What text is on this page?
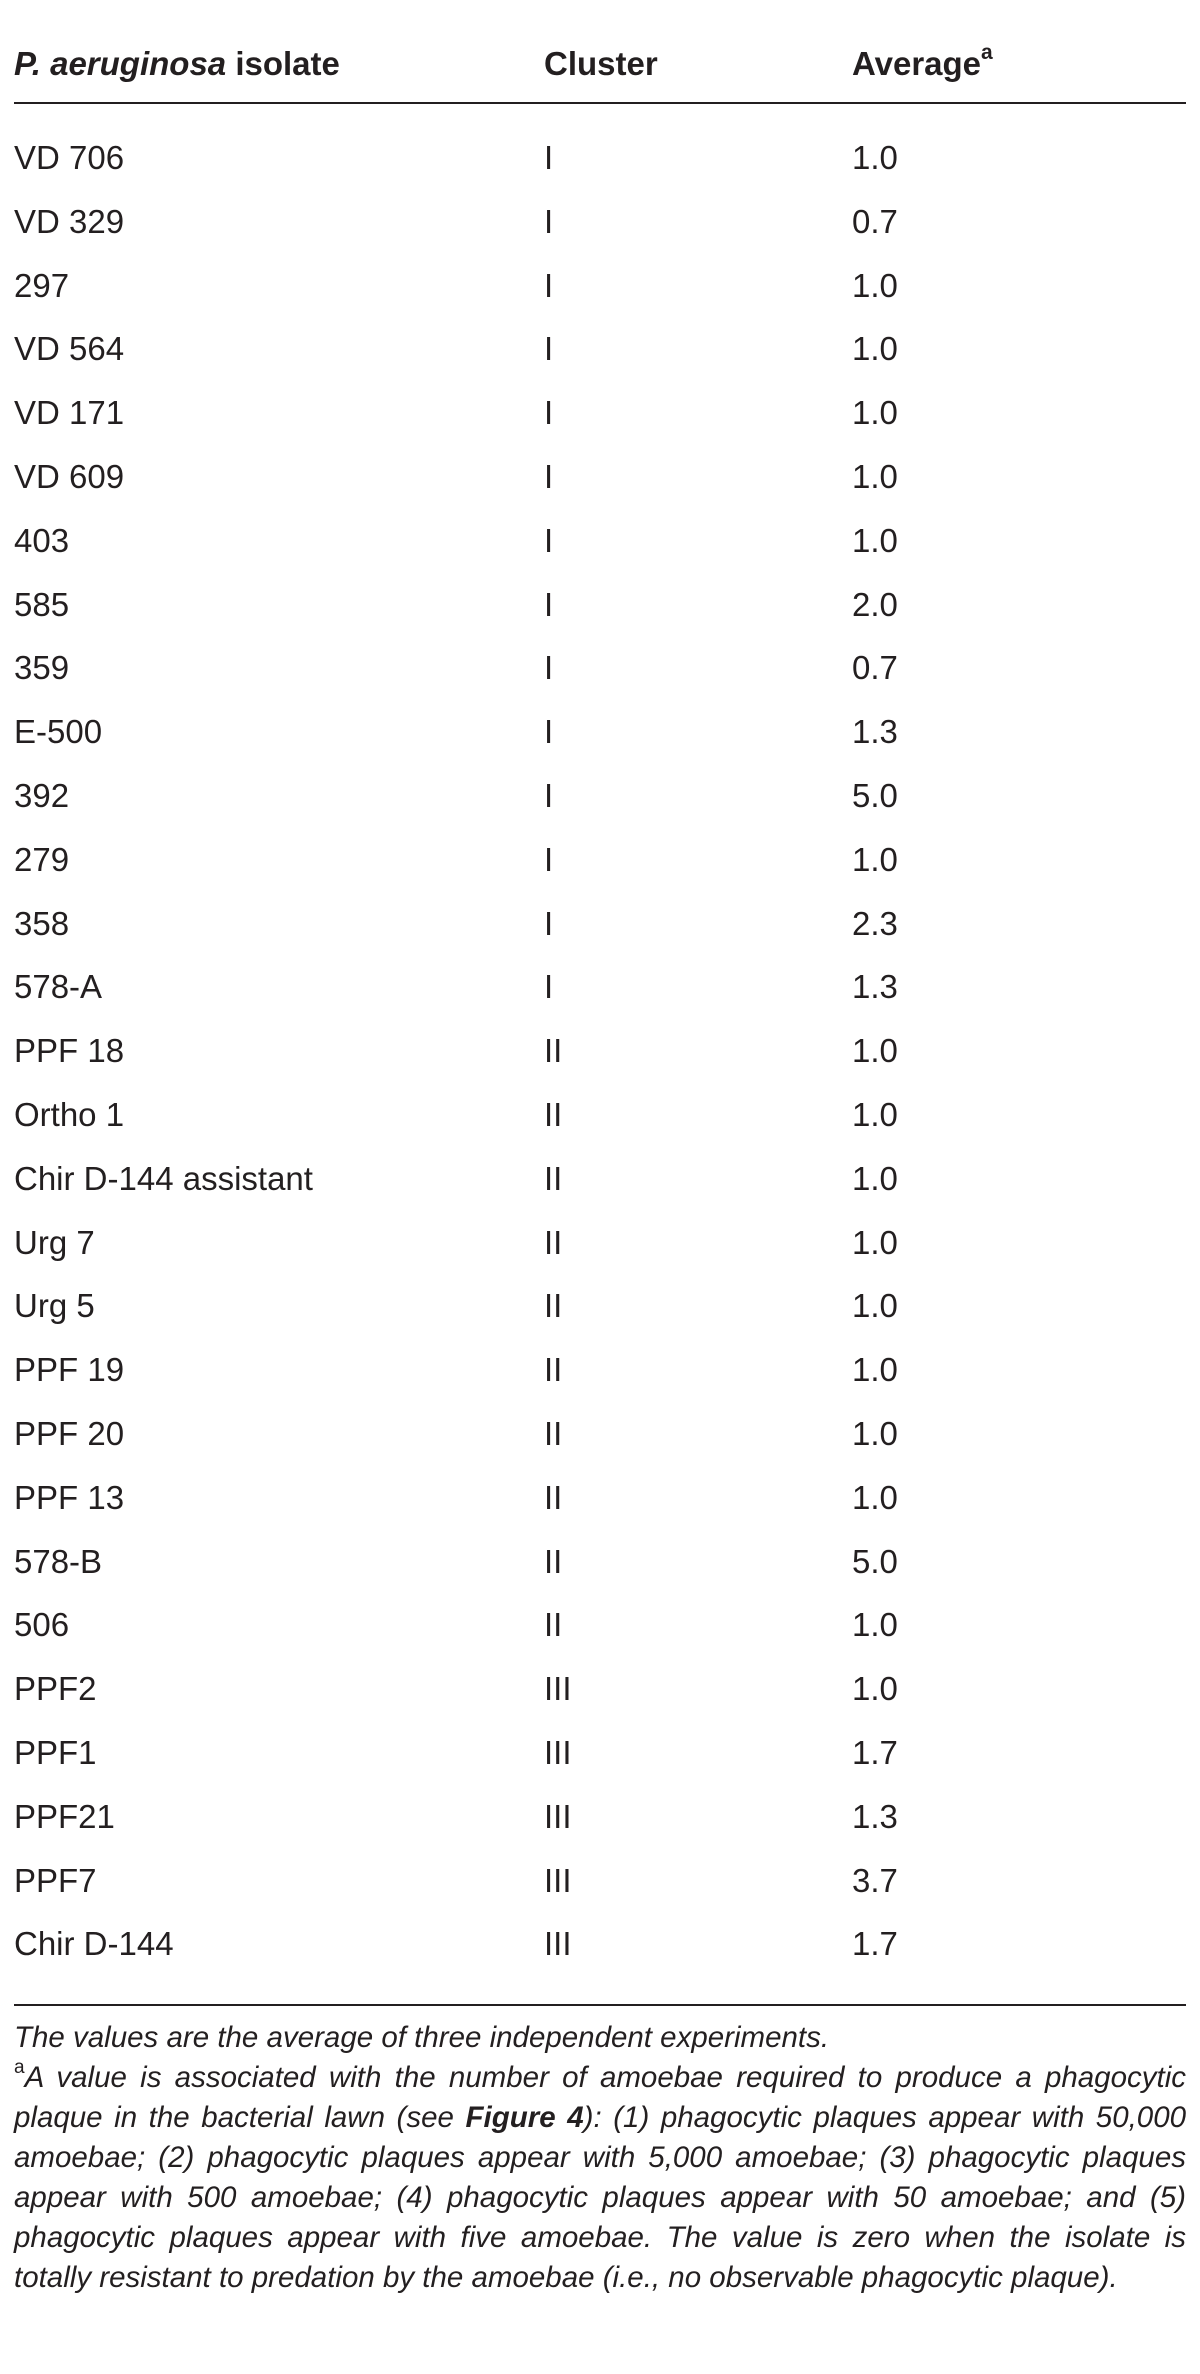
P. aeruginosa isolate	Cluster	Average$^a$
VD 706	I	1.0
VD 329	I	0.7
297	I	1.0
VD 564	I	1.0
VD 171	I	1.0
VD 609	I	1.0
403	I	1.0
585	I	2.0
359	I	0.7
E-500	I	1.3
392	I	5.0
279	I	1.0
358	I	2.3
578-A	I	1.3
PPF 18	II	1.0
Ortho 1	II	1.0
Chir D-144 assistant	II	1.0
Urg 7	II	1.0
Urg 5	II	1.0
PPF 19	II	1.0
PPF 20	II	1.0
PPF 13	II	1.0
578-B	II	5.0
506	II	1.0
PPF2	III	1.0
PPF1	III	1.7
PPF21	III	1.3
PPF7	III	3.7
Chir D-144	III	1.7

The values are the average of three independent experiments.

$^a$A value is associated with the number of amoebae required to produce a phagocytic plaque in the bacterial lawn (see Figure 4): (1) phagocytic plaques appear with 50,000 amoebae; (2) phagocytic plaques appear with 5,000 amoebae; (3) phagocytic plaques appear with 500 amoebae; (4) phagocytic plaques appear with 50 amoebae; and (5) phagocytic plaques appear with five amoebae. The value is zero when the isolate is totally resistant to predation by the amoebae (i.e., no observable phagocytic plaque).
